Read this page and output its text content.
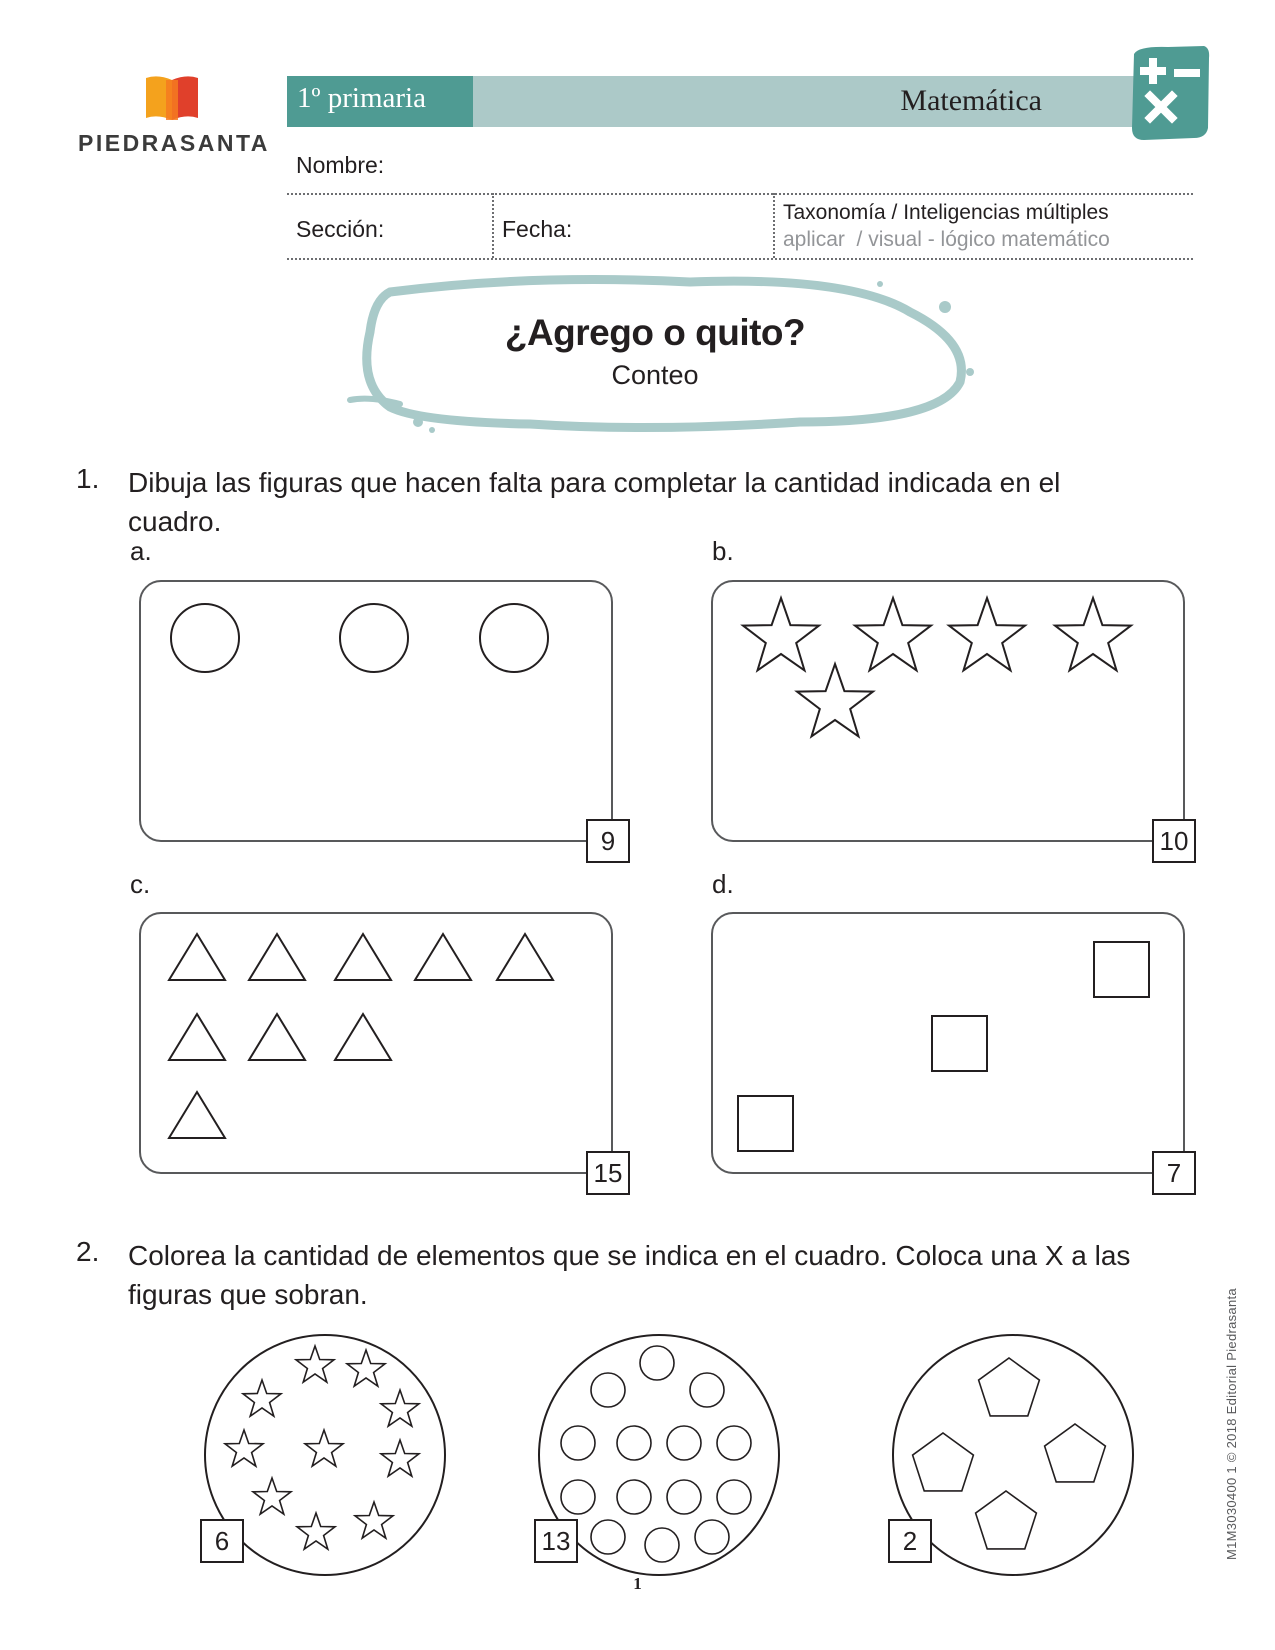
PIEDRASANTA
Matemática
1º primaria
Nombre:
Sección:	Fecha:
Taxonomía / Inteligencias múltiples
aplicar  / visual - lógico matemático
¿Agrego o quito?
Conteo
1. Dibuja las figuras que hacen falta para completar la cantidad indicada en el cuadro.
a.	b.
c.	d.
9	10
15	7
2. Colorea la cantidad de elementos que se indica en el cuadro. Coloca una X a las figuras que sobran.
6	13	2
1
M1M3030400 1 © 2018 Editorial Piedrasanta
